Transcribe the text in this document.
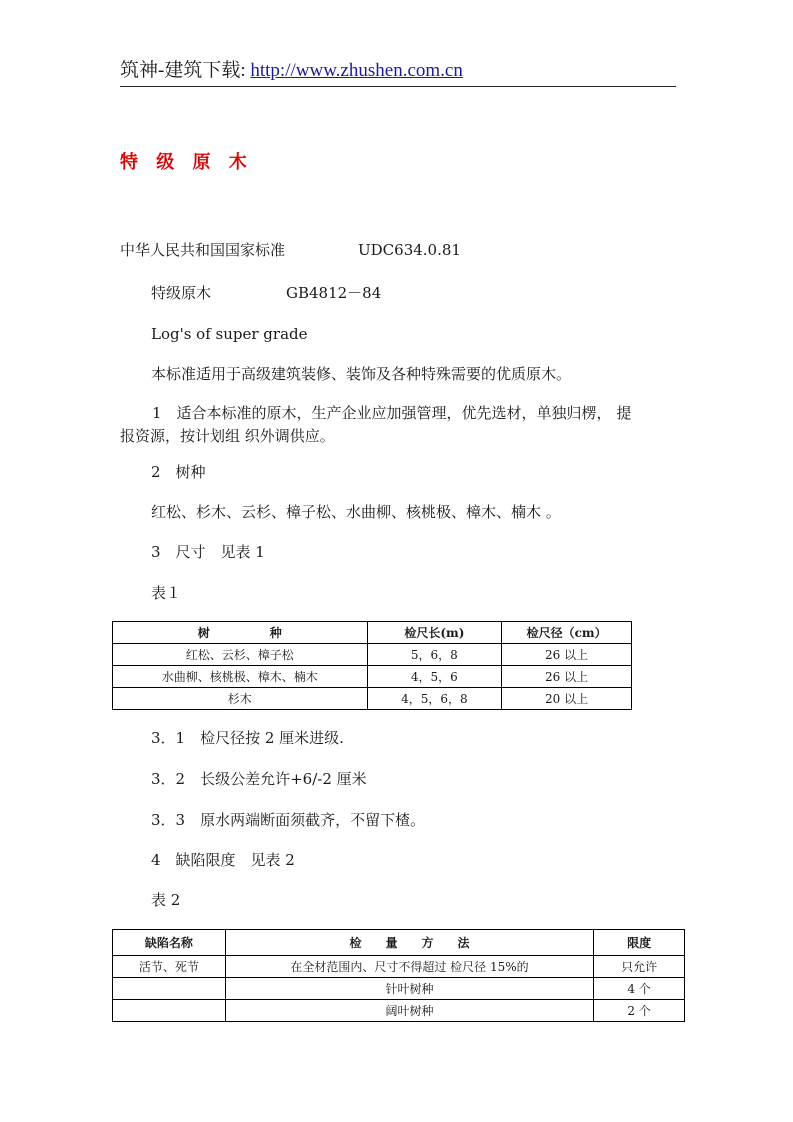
筑神-建筑下载: http://www.zhushen.com.cn
特 级 原 木
中华人民共和国国家标准	UDC634.0.81
特级原木	GB4812－84
Log's of super grade
本标准适用于高级建筑装修、装饰及各种特殊需要的优质原木。
1　适合本标准的原木，生产企业应加强管理，优先选材，单独归楞， 提
报资源，按计划组 织外调供应。
2　树种
红松、杉木、云杉、樟子松、水曲柳、核桃极、樟木、楠木 。
3　尺寸　见表 1
表１
树　　　　　种	检尺长(m)	检尺径（cm）
红松、云杉、樟子松	5，6，8	26 以上
水曲柳、核桃极、樟木、楠木	4，5，6	26 以上
杉木	4，5，6，8	20 以上
3．1　检尺径按 2 厘米进级.
3．2　长级公差允许+6/-2 厘米
3．3　原水两端断面须截齐，不留下楂。
4　缺陷限度　见表 2
表 2
缺陷名称	检　　量　　方　　法	限度
活节、死节	在全材范围内、尺寸不得超过 检尺径 15%的	只允许
	针叶树种	4 个
	阔叶树种	2 个
